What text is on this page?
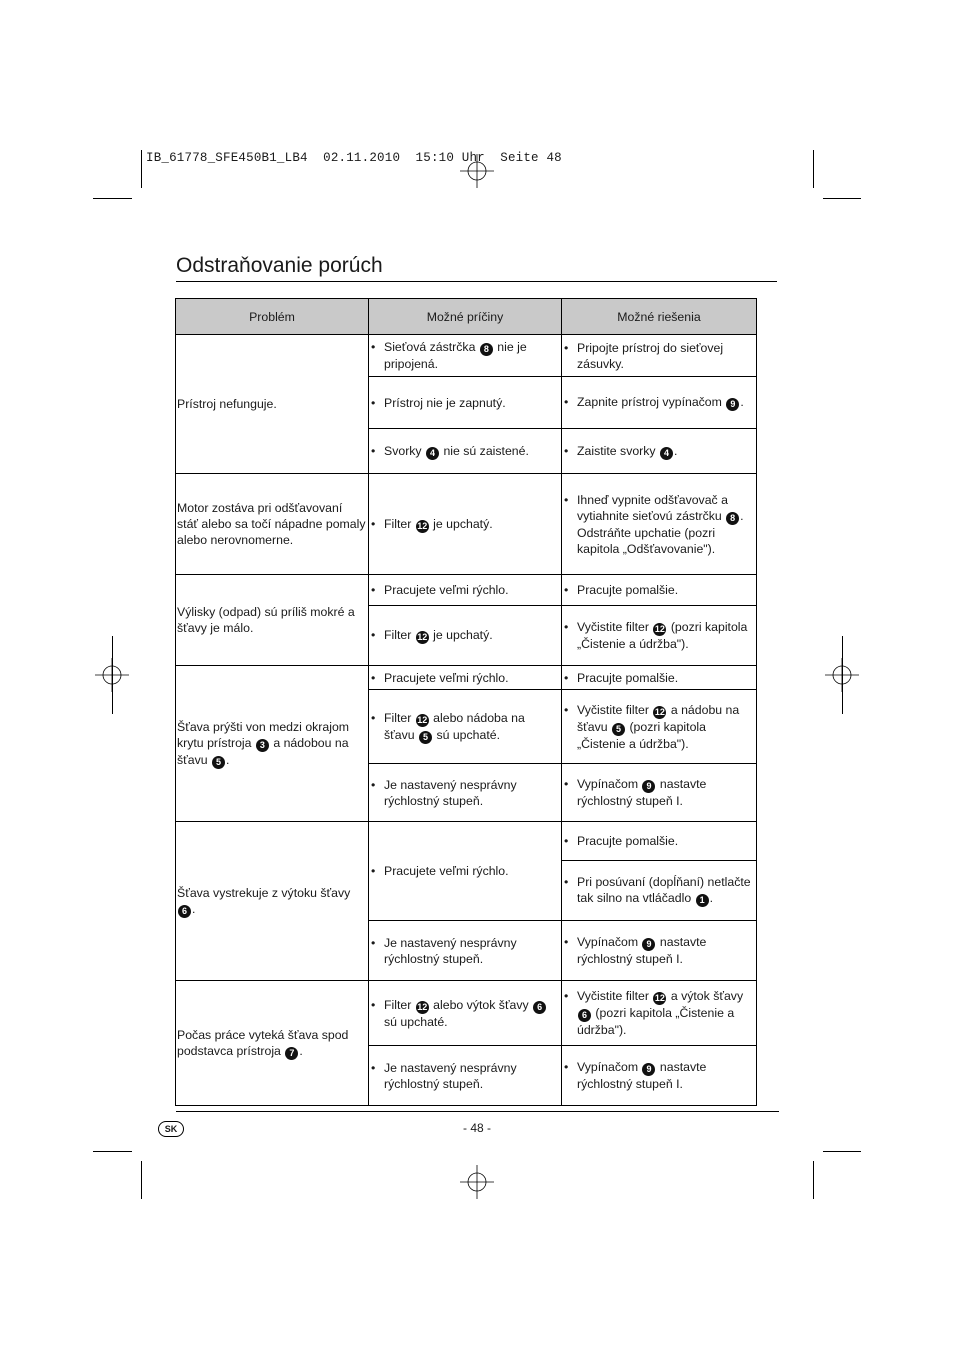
IB_61778_SFE450B1_LB4  02.11.2010  15:10 Uhr  Seite 48
Odstraňovanie porúch
Problém	Možné príčiny	Možné riešenia
Prístroj nefunguje.	• Sieťová zástrčka 8 nie je pripojená.	• Pripojte prístroj do sieťovej zásuvky.

	• Prístroj nie je zapnutý.	• Zapnite prístroj vypínačom 9 .

	• Svorky 4 nie sú zaistené.	• Zaistite svorky 4 .

Motor zostáva pri odšťavovaní stáť alebo sa točí nápadne pomaly alebo nerovnomerne.	• Filter 12 je upchatý.	• Ihneď vypnite odšťavovač a vytiahnite sieťovú zástrčku 8 . Odstráňte upchatie (pozri kapitola „Odšťavovanie").

Výlisky (odpad) sú príliš mokré a šťavy je málo.	• Pracujete veľmi rýchlo.	• Pracujte pomalšie.

	• Filter 12 je upchatý.	• Vyčistite filter 12 (pozri kapitola „Čistenie a údržba").

Šťava prýšti von medzi okrajom krytu prístroja 3 a nádobou na šťavu 5 .	• Pracujete veľmi rýchlo.	• Pracujte pomalšie.

	• Filter 12 alebo nádoba na šťavu 5 sú upchaté.	• Vyčistite filter 12 a nádobu na šťavu 5 (pozri kapitola „Čistenie a údržba").

	• Je nastavený nesprávny rýchlostný stupeň.	• Vypínačom 9 nastavte rýchlostný stupeň I.

Šťava vystrekuje z výtoku šťavy 6 .	• Pracujete veľmi rýchlo.	• Pracujte pomalšie.

		• Pri posúvaní (dopĺňaní) netlačte tak silno na vtláčadlo 1 .

	• Je nastavený nesprávny rýchlostný stupeň.	• Vypínačom 9 nastavte rýchlostný stupeň I.

Počas práce vyteká šťava spod podstavca prístroja 7 .	• Filter 12 alebo výtok šťavy 6 sú upchaté.	• Vyčistite filter 12 a výtok šťavy 6 (pozri kapitola „Čistenie a údržba").

	• Je nastavený nesprávny rýchlostný stupeň.	• Vypínačom 9 nastavte rýchlostný stupeň I.
SK	- 48 -
